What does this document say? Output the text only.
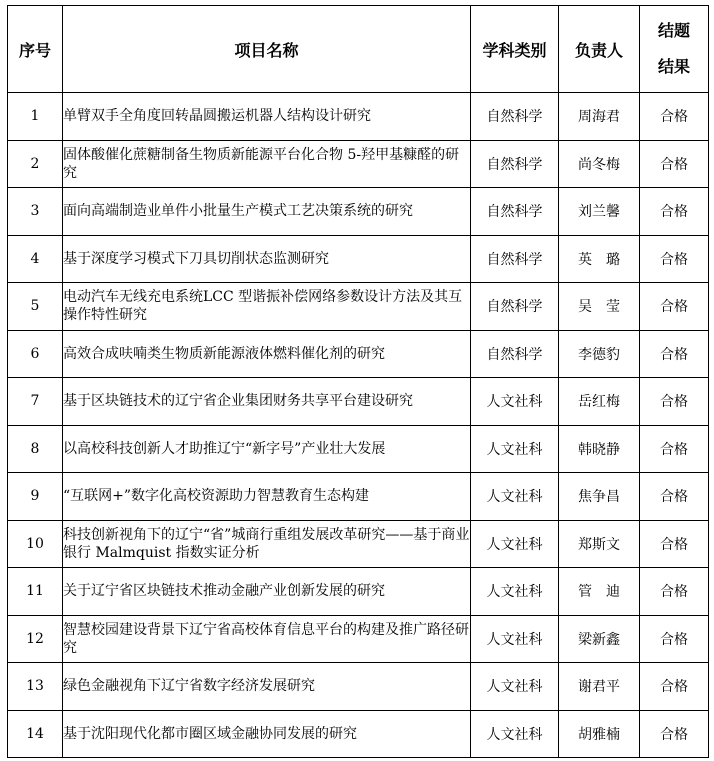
序号	项目名称	学科类别	负责人	结题
结果

1	单臂双手全角度回转晶圆搬运机器人结构设计研究	自然科学	周海君	合格
2	固体酸催化蔗糖制备生物质新能源平台化合物 5-羟甲基糠醛的研究	自然科学	尚冬梅	合格
3	面向高端制造业单件小批量生产模式工艺决策系统的研究	自然科学	刘兰馨	合格
4	基于深度学习模式下刀具切削状态监测研究	自然科学	英　璐	合格
5	电动汽车无线充电系统LCC 型谐振补偿网络参数设计方法及其互操作特性研究	自然科学	吴　莹	合格
6	高效合成呋喃类生物质新能源液体燃料催化剂的研究	自然科学	李德豹	合格
7	基于区块链技术的辽宁省企业集团财务共享平台建设研究	人文社科	岳红梅	合格
8	以高校科技创新人才助推辽宁“新字号”产业壮大发展	人文社科	韩晓静	合格
9	“互联网+”数字化高校资源助力智慧教育生态构建	人文社科	焦争昌	合格
10	科技创新视角下的辽宁“省”城商行重组发展改革研究——基于商业银行 Malmquist 指数实证分析	人文社科	郑斯文	合格
11	关于辽宁省区块链技术推动金融产业创新发展的研究	人文社科	管　迪	合格
12	智慧校园建设背景下辽宁省高校体育信息平台的构建及推广路径研究	人文社科	梁新鑫	合格
13	绿色金融视角下辽宁省数字经济发展研究	人文社科	谢君平	合格
14	基于沈阳现代化都市圈区域金融协同发展的研究	人文社科	胡雅楠	合格
